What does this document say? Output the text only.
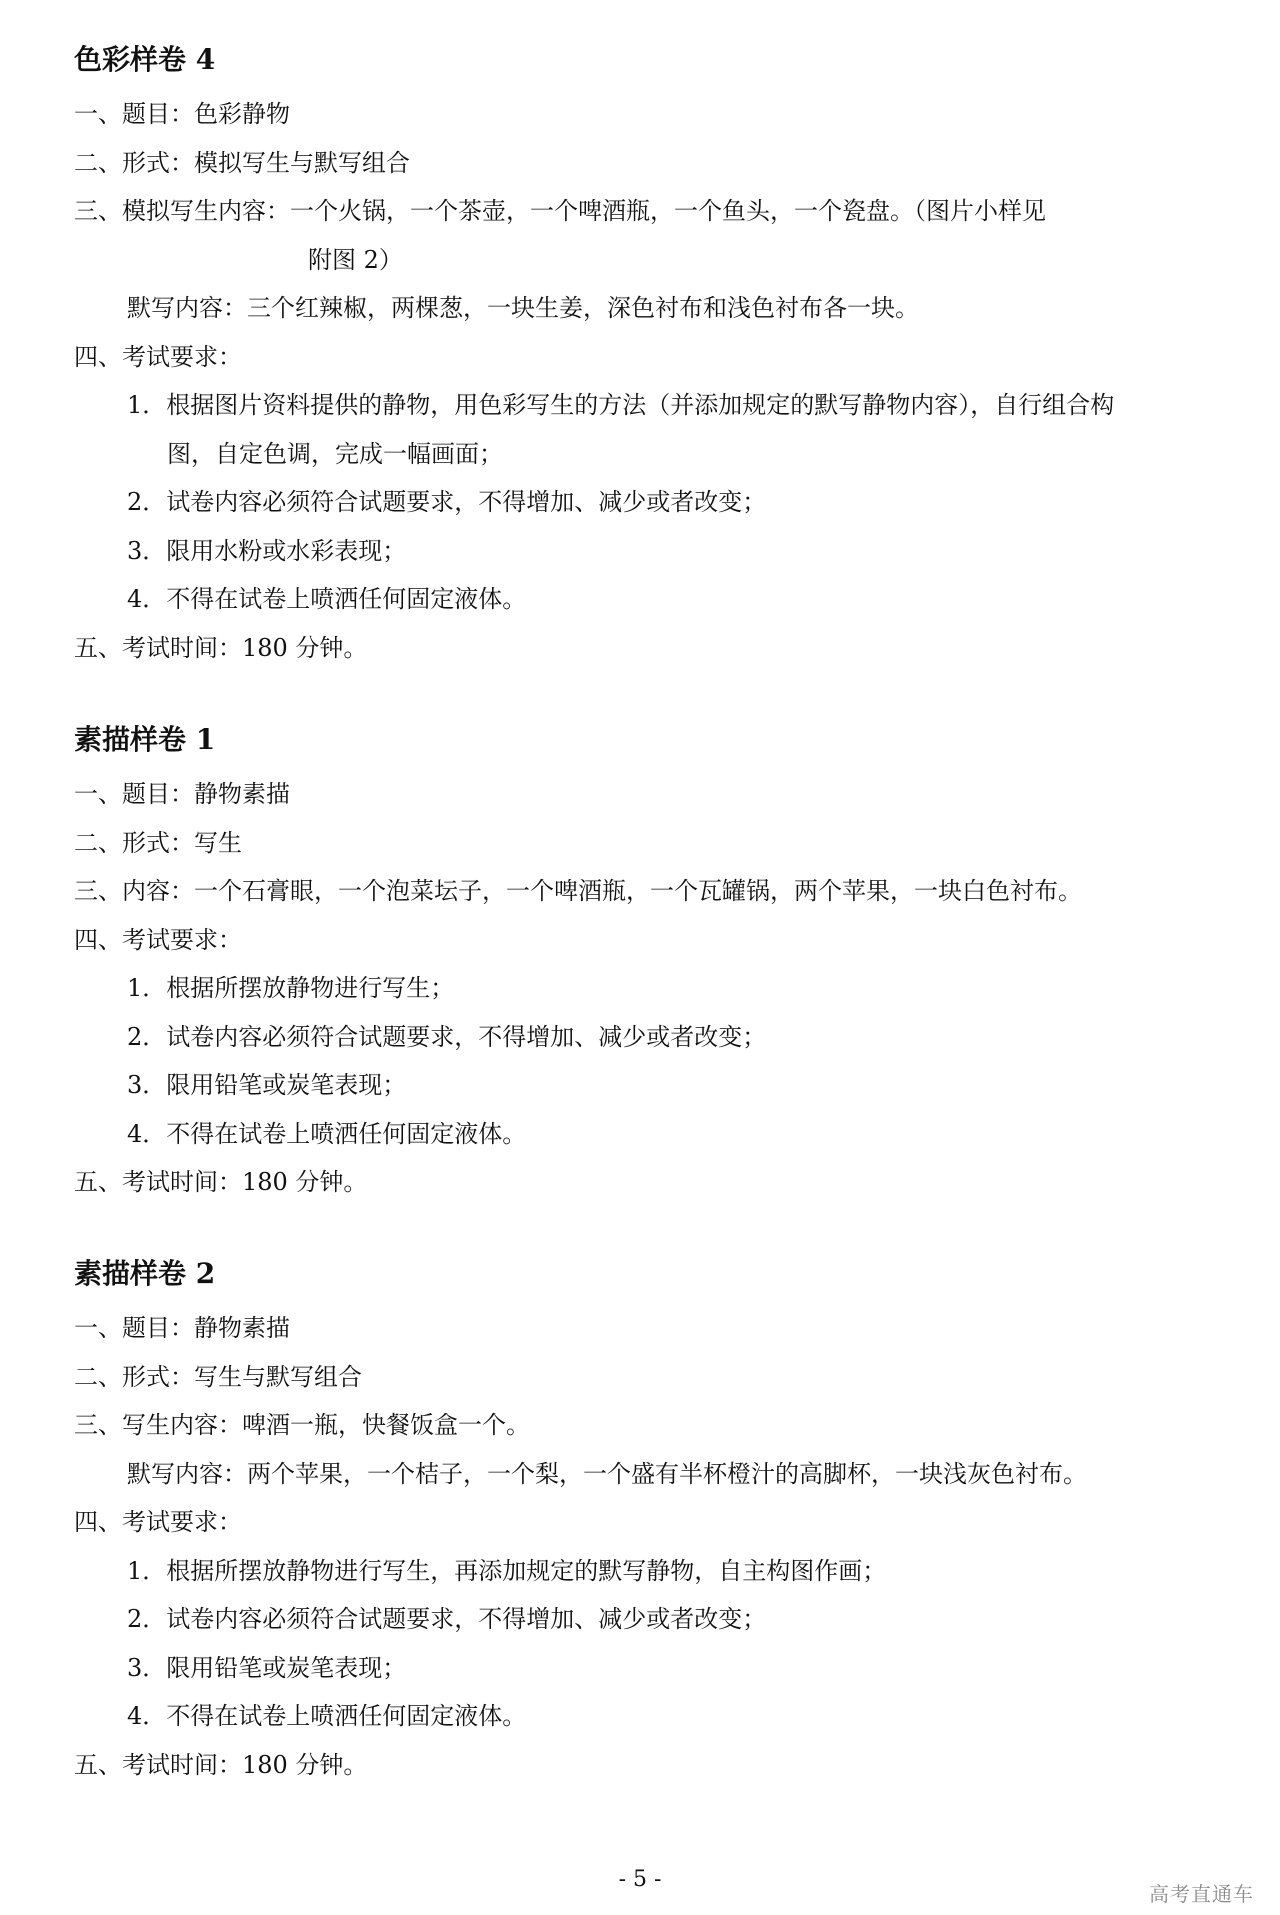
色彩样卷 4
一、题目：色彩静物
二、形式：模拟写生与默写组合
三、模拟写生内容：一个火锅，一个茶壶，一个啤酒瓶，一个鱼头，一个瓷盘。（图片小样见
附图 2）
默写内容：三个红辣椒，两棵葱，一块生姜，深色衬布和浅色衬布各一块。
四、考试要求：
1．根据图片资料提供的静物，用色彩写生的方法（并添加规定的默写静物内容），自行组合构
图，自定色调，完成一幅画面；
2．试卷内容必须符合试题要求，不得增加、减少或者改变；
3．限用水粉或水彩表现；
4．不得在试卷上喷洒任何固定液体。
五、考试时间：180 分钟。
素描样卷 1
一、题目：静物素描
二、形式：写生
三、内容：一个石膏眼，一个泡菜坛子，一个啤酒瓶，一个瓦罐锅，两个苹果，一块白色衬布。
四、考试要求：
1．根据所摆放静物进行写生；
2．试卷内容必须符合试题要求，不得增加、减少或者改变；
3．限用铅笔或炭笔表现；
4．不得在试卷上喷洒任何固定液体。
五、考试时间：180 分钟。
素描样卷 2
一、题目：静物素描
二、形式：写生与默写组合
三、写生内容：啤酒一瓶，快餐饭盒一个。
默写内容：两个苹果，一个桔子，一个梨，一个盛有半杯橙汁的高脚杯，一块浅灰色衬布。
四、考试要求：
1．根据所摆放静物进行写生，再添加规定的默写静物，自主构图作画；
2．试卷内容必须符合试题要求，不得增加、减少或者改变；
3．限用铅笔或炭笔表现；
4．不得在试卷上喷洒任何固定液体。
五、考试时间：180 分钟。
- 5 -
高考直通车
